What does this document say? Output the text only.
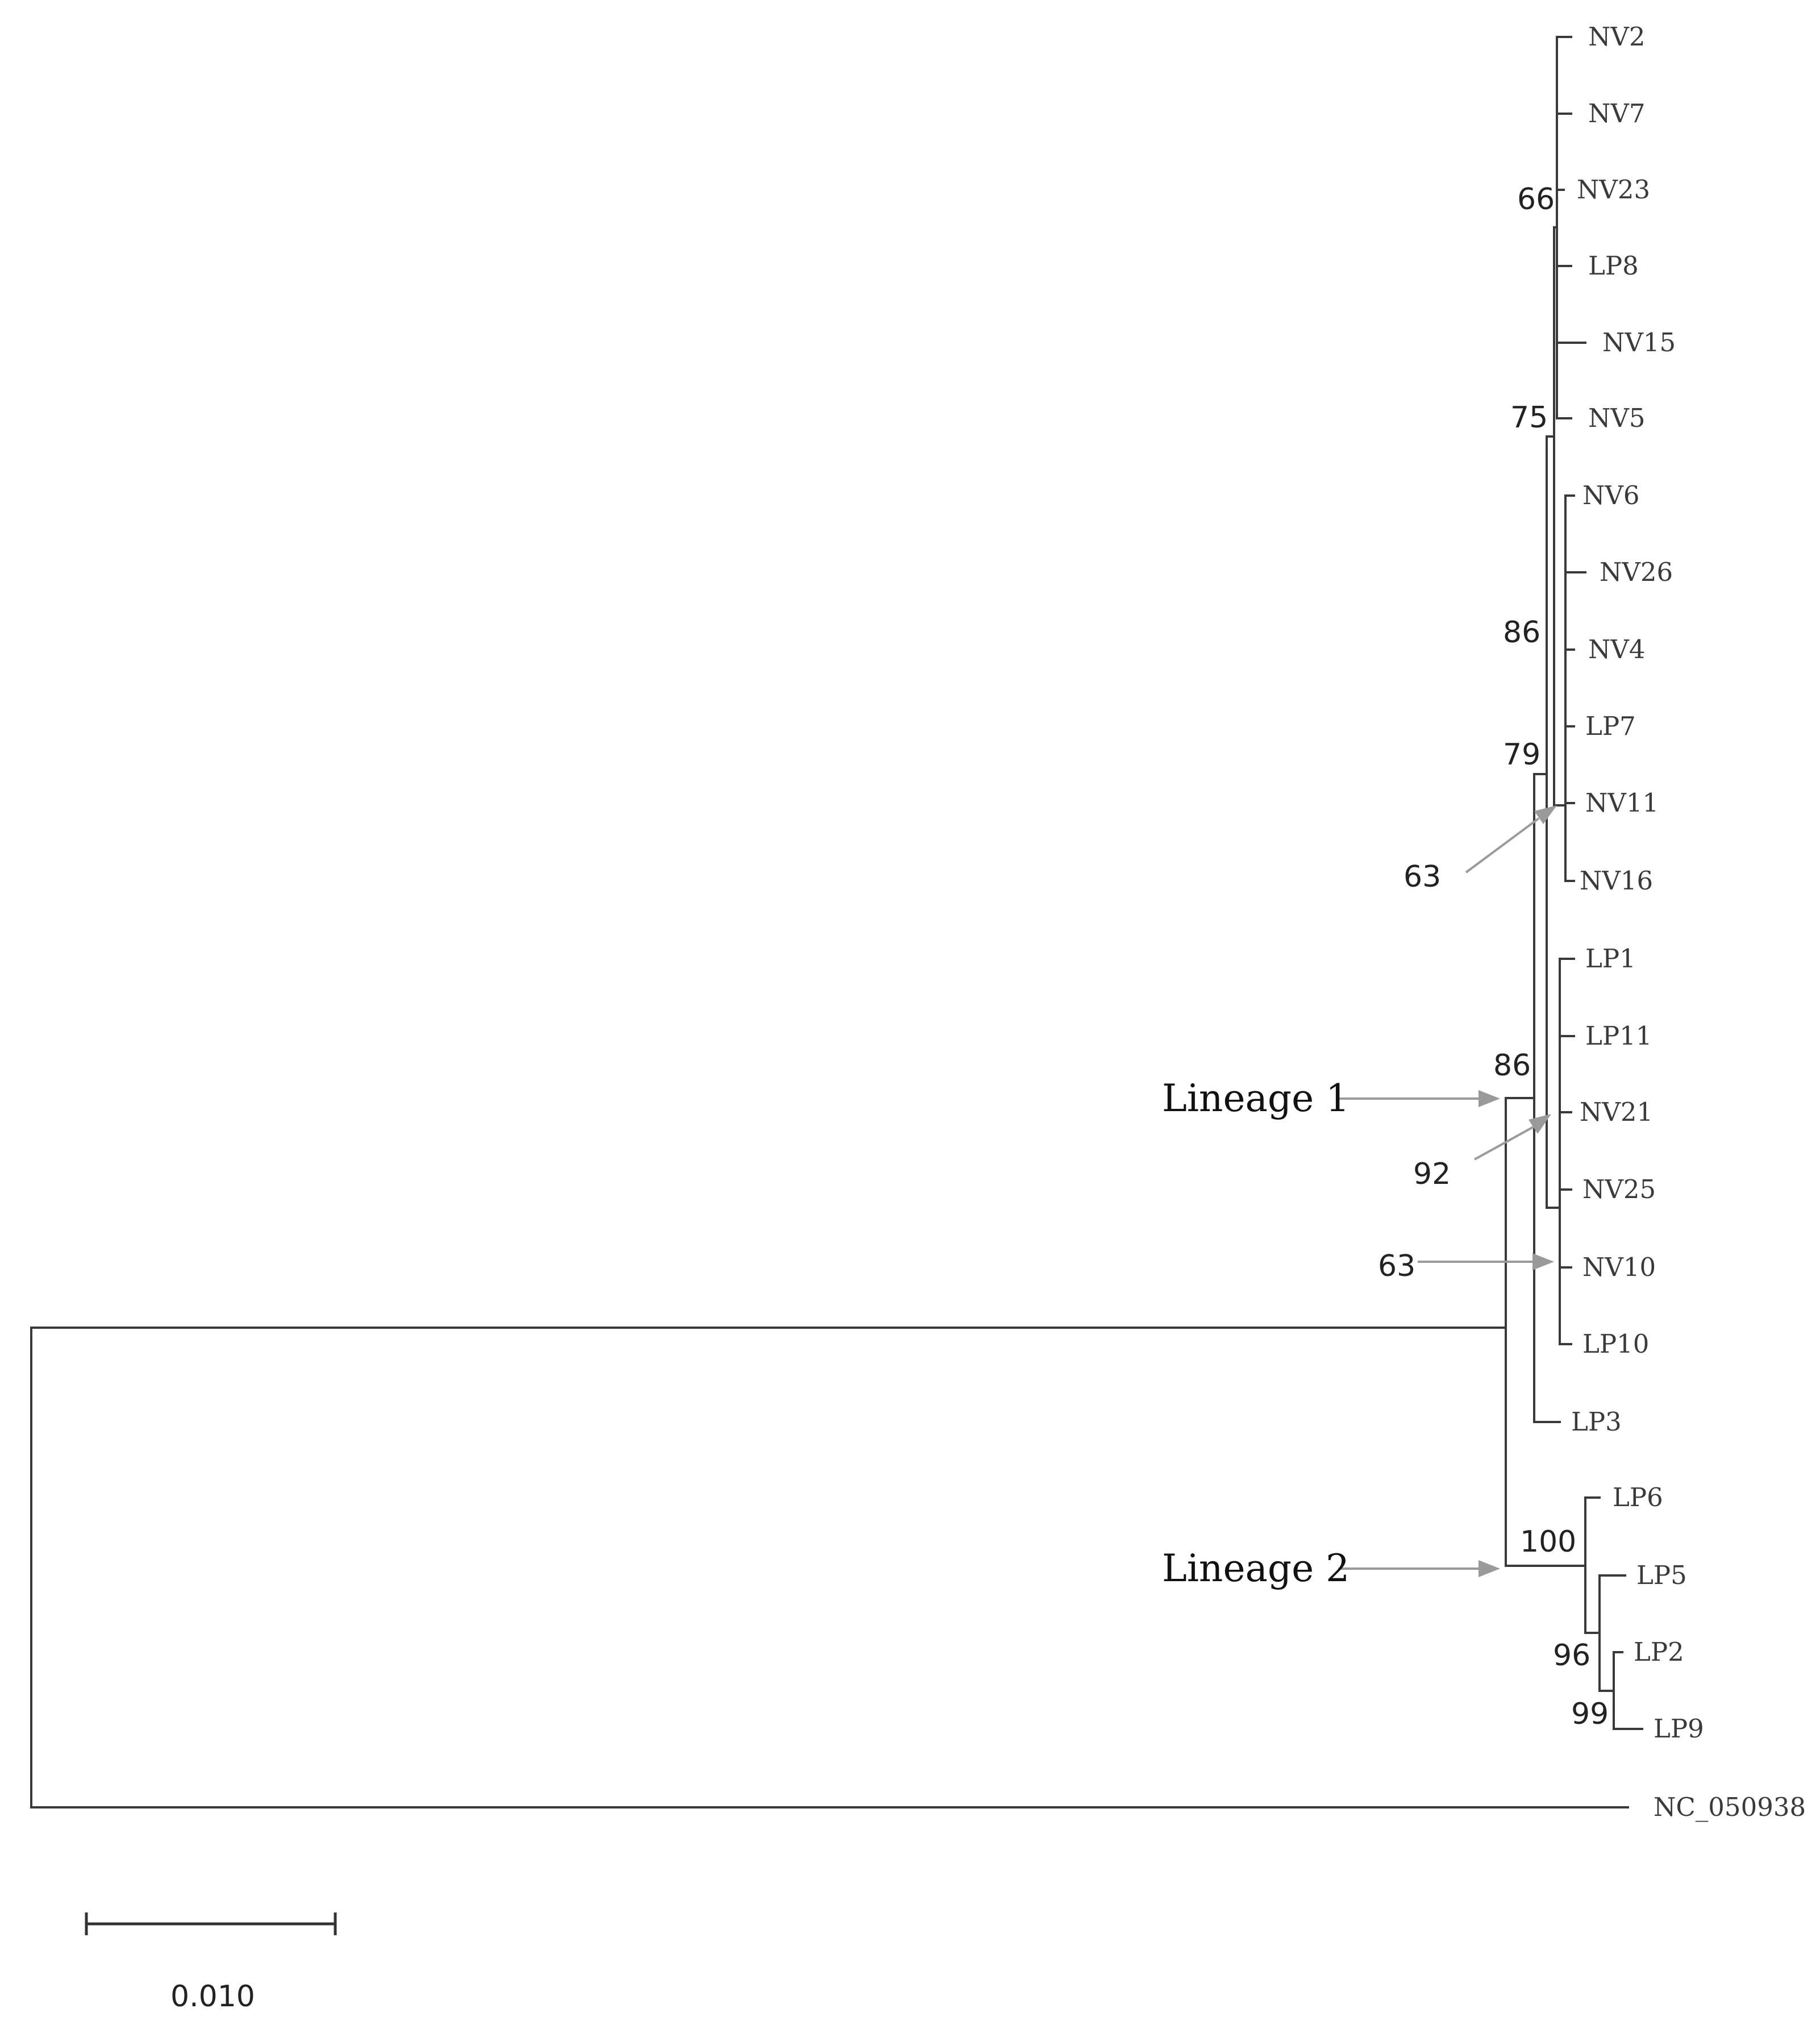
NV2
NV7
NV23
LP8
NV15
NV5
NV6
NV26
NV4
LP7
NV11
NV16
LP1
LP11
NV21
NV25
NV10
LP10
LP3
LP6
LP5
LP2
LP9
NC_050938
66
75
86
79
63
86
92
63
100
96
99
Lineage 1
Lineage 2
0.010
